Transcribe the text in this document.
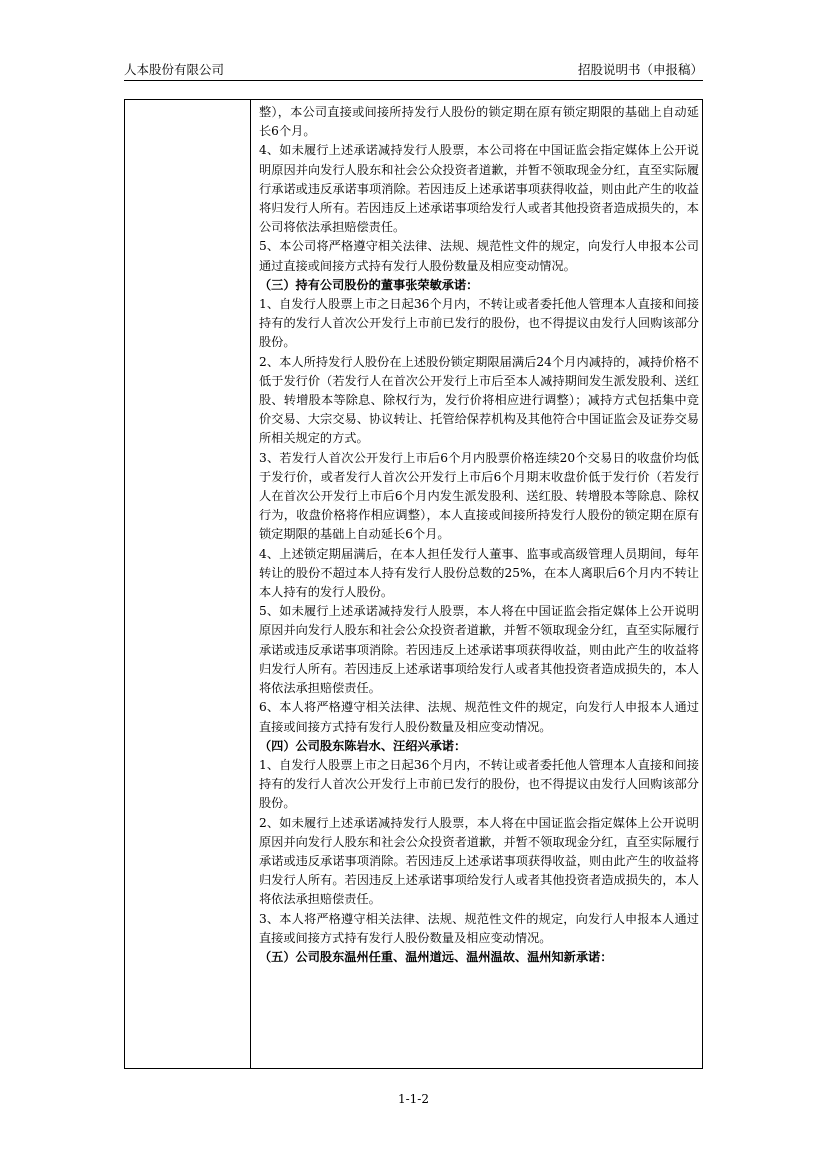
人本股份有限公司	招股说明书（申报稿）

整），本公司直接或间接所持发行人股份的锁定期在原有锁定期限的基础上自动延长6个月。

4、如未履行上述承诺减持发行人股票，本公司将在中国证监会指定媒体上公开说明原因并向发行人股东和社会公众投资者道歉，并暂不领取现金分红，直至实际履行承诺或违反承诺事项消除。若因违反上述承诺事项获得收益，则由此产生的收益将归发行人所有。若因违反上述承诺事项给发行人或者其他投资者造成损失的，本公司将依法承担赔偿责任。

5、本公司将严格遵守相关法律、法规、规范性文件的规定，向发行人申报本公司通过直接或间接方式持有发行人股份数量及相应变动情况。

（三）持有公司股份的董事张荣敏承诺：

1、自发行人股票上市之日起36个月内，不转让或者委托他人管理本人直接和间接持有的发行人首次公开发行上市前已发行的股份，也不得提议由发行人回购该部分股份。

2、本人所持发行人股份在上述股份锁定期限届满后24个月内减持的，减持价格不低于发行价（若发行人在首次公开发行上市后至本人减持期间发生派发股利、送红股、转增股本等除息、除权行为，发行价将相应进行调整）；减持方式包括集中竞价交易、大宗交易、协议转让、托管给保荐机构及其他符合中国证监会及证券交易所相关规定的方式。

3、若发行人首次公开发行上市后6个月内股票价格连续20个交易日的收盘价均低于发行价，或者发行人首次公开发行上市后6个月期末收盘价低于发行价（若发行人在首次公开发行上市后6个月内发生派发股利、送红股、转增股本等除息、除权行为，收盘价格将作相应调整），本人直接或间接所持发行人股份的锁定期在原有锁定期限的基础上自动延长6个月。

4、上述锁定期届满后，在本人担任发行人董事、监事或高级管理人员期间，每年转让的股份不超过本人持有发行人股份总数的25%，在本人离职后6个月内不转让本人持有的发行人股份。

5、如未履行上述承诺减持发行人股票，本人将在中国证监会指定媒体上公开说明原因并向发行人股东和社会公众投资者道歉，并暂不领取现金分红，直至实际履行承诺或违反承诺事项消除。若因违反上述承诺事项获得收益，则由此产生的收益将归发行人所有。若因违反上述承诺事项给发行人或者其他投资者造成损失的，本人将依法承担赔偿责任。

6、本人将严格遵守相关法律、法规、规范性文件的规定，向发行人申报本人通过直接或间接方式持有发行人股份数量及相应变动情况。

（四）公司股东陈岩水、汪绍兴承诺：

1、自发行人股票上市之日起36个月内，不转让或者委托他人管理本人直接和间接持有的发行人首次公开发行上市前已发行的股份，也不得提议由发行人回购该部分股份。

2、如未履行上述承诺减持发行人股票，本人将在中国证监会指定媒体上公开说明原因并向发行人股东和社会公众投资者道歉，并暂不领取现金分红，直至实际履行承诺或违反承诺事项消除。若因违反上述承诺事项获得收益，则由此产生的收益将归发行人所有。若因违反上述承诺事项给发行人或者其他投资者造成损失的，本人将依法承担赔偿责任。

3、本人将严格遵守相关法律、法规、规范性文件的规定，向发行人申报本人通过直接或间接方式持有发行人股份数量及相应变动情况。

（五）公司股东温州任重、温州道远、温州温故、温州知新承诺：

1-1-2
